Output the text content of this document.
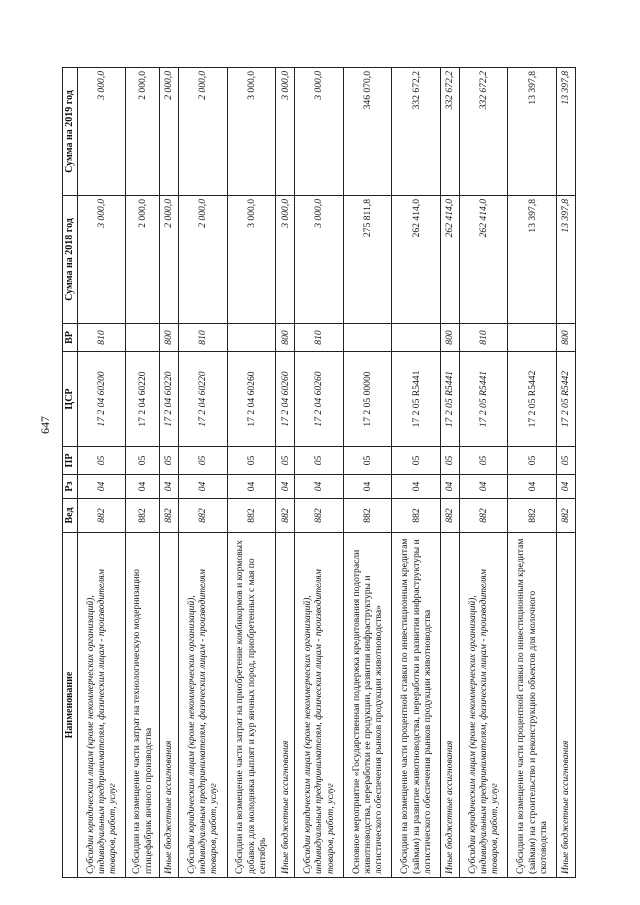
647
Наименование	Вед	Рз	ПР	ЦСР	ВР	Сумма на 2018 год	Сумма на 2019 год
Субсидии юридическим лицам (кроме некоммерческих организаций), индивидуальным предпринимателям, физическим лицам - производителям товаров, работ, услуг	882	04	05	17 2 04 60200	810	3 000,0	3 000,0
Субсидии на возмещение части затрат на технологическую модернизацию птицефабрик яичного производства	882	04	05	17 2 04 60220		2 000,0	2 000,0
Иные бюджетные ассигнования	882	04	05	17 2 04 60220	800	2 000,0	2 000,0
Субсидии юридическим лицам (кроме некоммерческих организаций), индивидуальным предпринимателям, физическим лицам - производителям товаров, работ, услуг	882	04	05	17 2 04 60220	810	2 000,0	2 000,0
Субсидии на возмещение части затрат на приобретение комбикормов и кормовых добавок для молодняка цыплят и кур яичных пород, приобретенных с мая по сентябрь	882	04	05	17 2 04 60260		3 000,0	3 000,0
Иные бюджетные ассигнования	882	04	05	17 2 04 60260	800	3 000,0	3 000,0
Субсидии юридическим лицам (кроме некоммерческих организаций), индивидуальным предпринимателям, физическим лицам - производителям товаров, работ, услуг	882	04	05	17 2 04 60260	810	3 000,0	3 000,0
Основное мероприятие «Государственная поддержка кредитования подотрасли животноводства, переработки ее продукции, развития инфраструктуры и логистического обеспечения рынков продукции животноводства»	882	04	05	17 2 05 00000		275 811,8	346 070,0
Субсидии на возмещение части процентной ставки по инвестиционным кредитам (займам) на развитие животноводства, переработки и развития инфраструктуры и логистического обеспечения рынков продукции животноводства	882	04	05	17 2 05 R5441		262 414,0	332 672,2
Иные бюджетные ассигнования	882	04	05	17 2 05 R5441	800	262 414,0	332 672,2
Субсидии юридическим лицам (кроме некоммерческих организаций), индивидуальным предпринимателям, физическим лицам - производителям товаров, работ, услуг	882	04	05	17 2 05 R5441	810	262 414,0	332 672,2
Субсидии на возмещение части процентной ставки по инвестиционным кредитам (займам) на строительство и реконструкцию объектов для молочного скотоводства	882	04	05	17 2 05 R5442		13 397,8	13 397,8
Иные бюджетные ассигнования	882	04	05	17 2 05 R5442	800	13 397,8	13 397,8
